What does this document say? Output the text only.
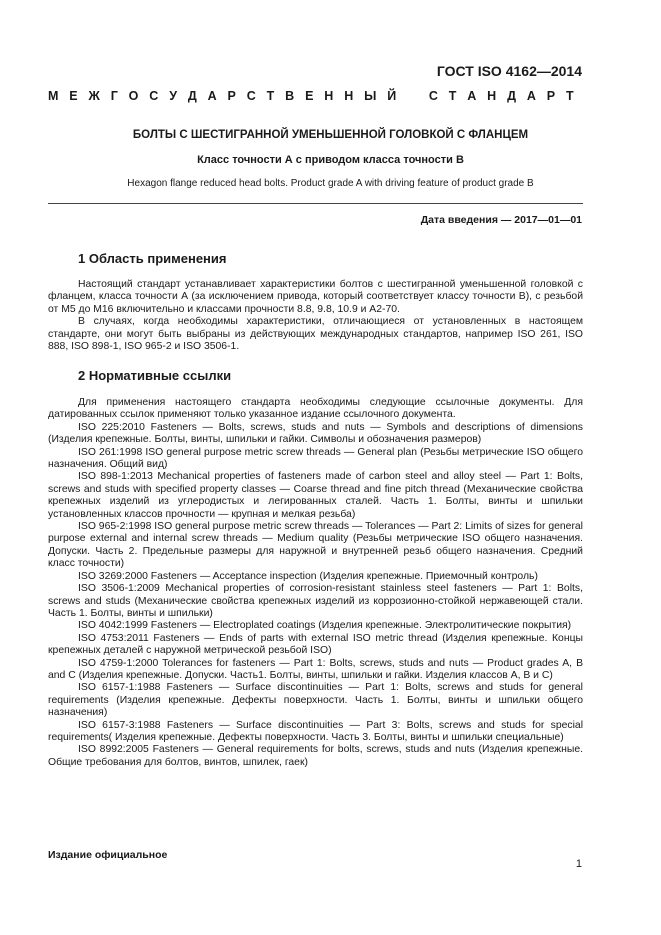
ГОСТ ISO 4162—2014
М Е Ж Г О С У Д А Р С Т В Е Н Н Ы Й	С Т А Н Д А Р Т
БОЛТЫ С ШЕСТИГРАННОЙ УМЕНЬШЕННОЙ ГОЛОВКОЙ С ФЛАНЦЕМ
Класс точности А с приводом класса точности В
Hexagon flange reduced head bolts. Product grade A with driving feature of product grade B
Дата введения — 2017—01—01
1 Область применения

Настоящий стандарт устанавливает характеристики болтов с шестигранной уменьшенной головкой с фланцем, класса точности А (за исключением привода, который соответствует классу точности В), с резьбой от М5 до М16 включительно и классами прочности 8.8, 9.8, 10.9 и А2-70.

В случаях, когда необходимы характеристики, отличающиеся от установленных в настоящем стандарте, они могут быть выбраны из действующих международных стандартов, например ISO 261, ISO 888, ISO 898-1, ISO 965-2 и ISO 3506-1.

2 Нормативные ссылки

Для применения настоящего стандарта необходимы следующие ссылочные документы. Для датированных ссылок применяют только указанное издание ссылочного документа.

ISO 225:2010 Fasteners — Bolts, screws, studs and nuts — Symbols and descriptions of dimensions (Изделия крепежные. Болты, винты, шпильки и гайки. Символы и обозначения размеров)

ISO 261:1998 ISO general purpose metric screw threads — General plan (Резьбы метрические ISO общего назначения. Общий вид)

ISO 898-1:2013 Mechanical properties of fasteners made of carbon steel and alloy steel — Part 1: Bolts, screws and studs with specified property classes — Coarse thread and fine pitch thread (Механические свойства крепежных изделий из углеродистых и легированных сталей. Часть 1. Болты, винты и шпильки установленных классов прочности — крупная и мелкая резьба)

ISO 965-2:1998 ISO general purpose metric screw threads — Tolerances — Part 2: Limits of sizes for general purpose external and internal screw threads — Medium quality (Резьбы метрические ISO общего назначения. Допуски. Часть 2. Предельные размеры для наружной и внутренней резьб общего назначения. Средний класс точности)

ISO 3269:2000 Fasteners — Acceptance inspection (Изделия крепежные. Приемочный контроль)

ISO 3506-1:2009 Mechanical properties of corrosion-resistant stainless steel fasteners — Part 1: Bolts, screws and studs (Механические свойства крепежных изделий из коррозионно-стойкой нержавеющей стали. Часть 1. Болты, винты и шпильки)

ISO 4042:1999 Fasteners — Electroplated coatings (Изделия крепежные. Электролитические покрытия)

ISO 4753:2011 Fasteners — Ends of parts with external ISO metric thread (Изделия крепежные. Концы крепежных деталей с наружной метрической резьбой ISO)

ISO 4759-1:2000 Tolerances for fasteners — Part 1: Bolts, screws, studs and nuts — Product grades A, B and C (Изделия крепежные. Допуски. Часть1. Болты, винты, шпильки и гайки. Изделия классов А, В и С)

ISO 6157-1:1988 Fasteners — Surface discontinuities — Part 1: Bolts, screws and studs for general requirements (Изделия крепежные. Дефекты поверхности. Часть 1. Болты, винты и шпильки общего назначения)

ISO 6157-3:1988 Fasteners — Surface discontinuities — Part 3: Bolts, screws and studs for special requirements( Изделия крепежные. Дефекты поверхности. Часть 3. Болты, винты и шпильки специальные)

ISO 8992:2005 Fasteners — General requirements for bolts, screws, studs and nuts (Изделия крепежные. Общие требования для болтов, винтов, шпилек, гаек)

Издание официальное
1
